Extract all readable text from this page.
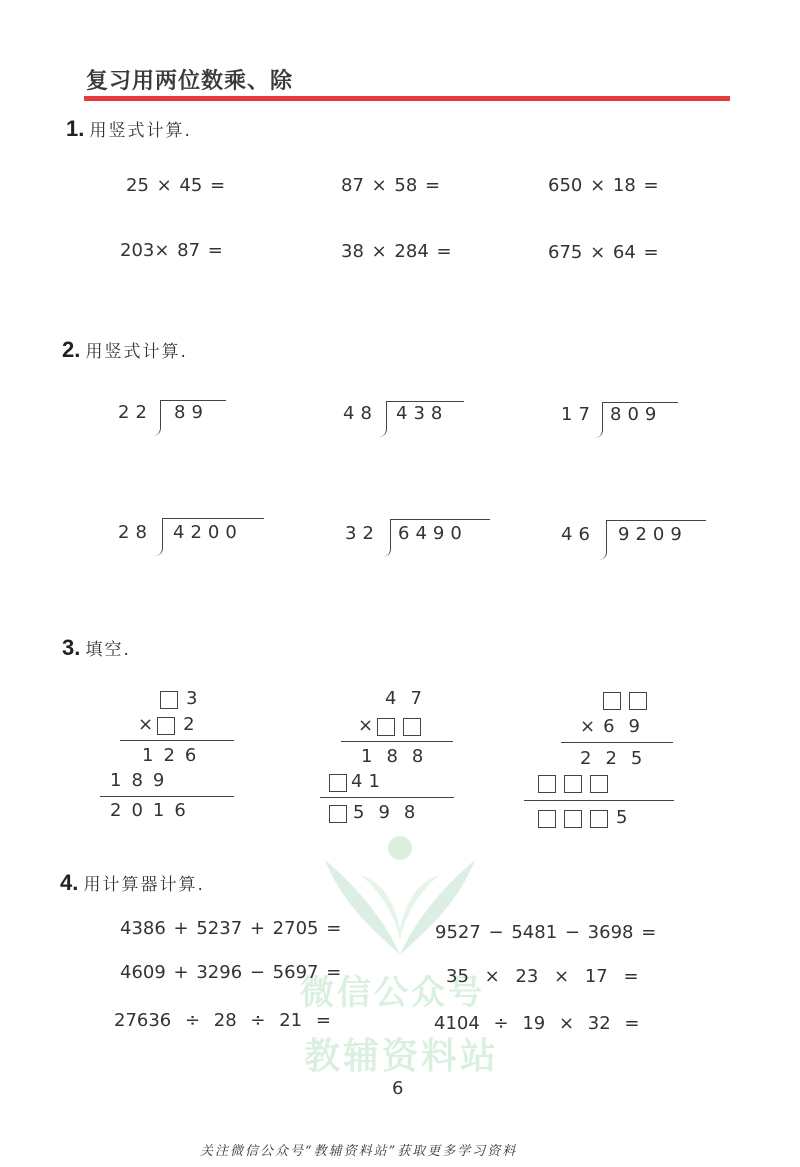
复习用两位数乘、除
1. 用竖式计算.
25 × 45 =	87 × 58 =	650 × 18 =
203× 87 =	38 × 284 =	675 × 64 =
2. 用竖式计算.
22 89	48 438	17 809
28 4200	32 6490	46 9209
3. 填空.
3
× 2
126
189
2016
47
×
188
41
598
×69
225
5
4. 用计算器计算.
微信公众号
教辅资料站
4386 + 5237 + 2705 =	9527 − 5481 − 3698 =
4609 + 3296 − 5697 =	35 × 23 × 17 =
27636 ÷ 28 ÷ 21 =	4104 ÷ 19 × 32 =
6
关注微信公众号“教辅资料站”获取更多学习资料
